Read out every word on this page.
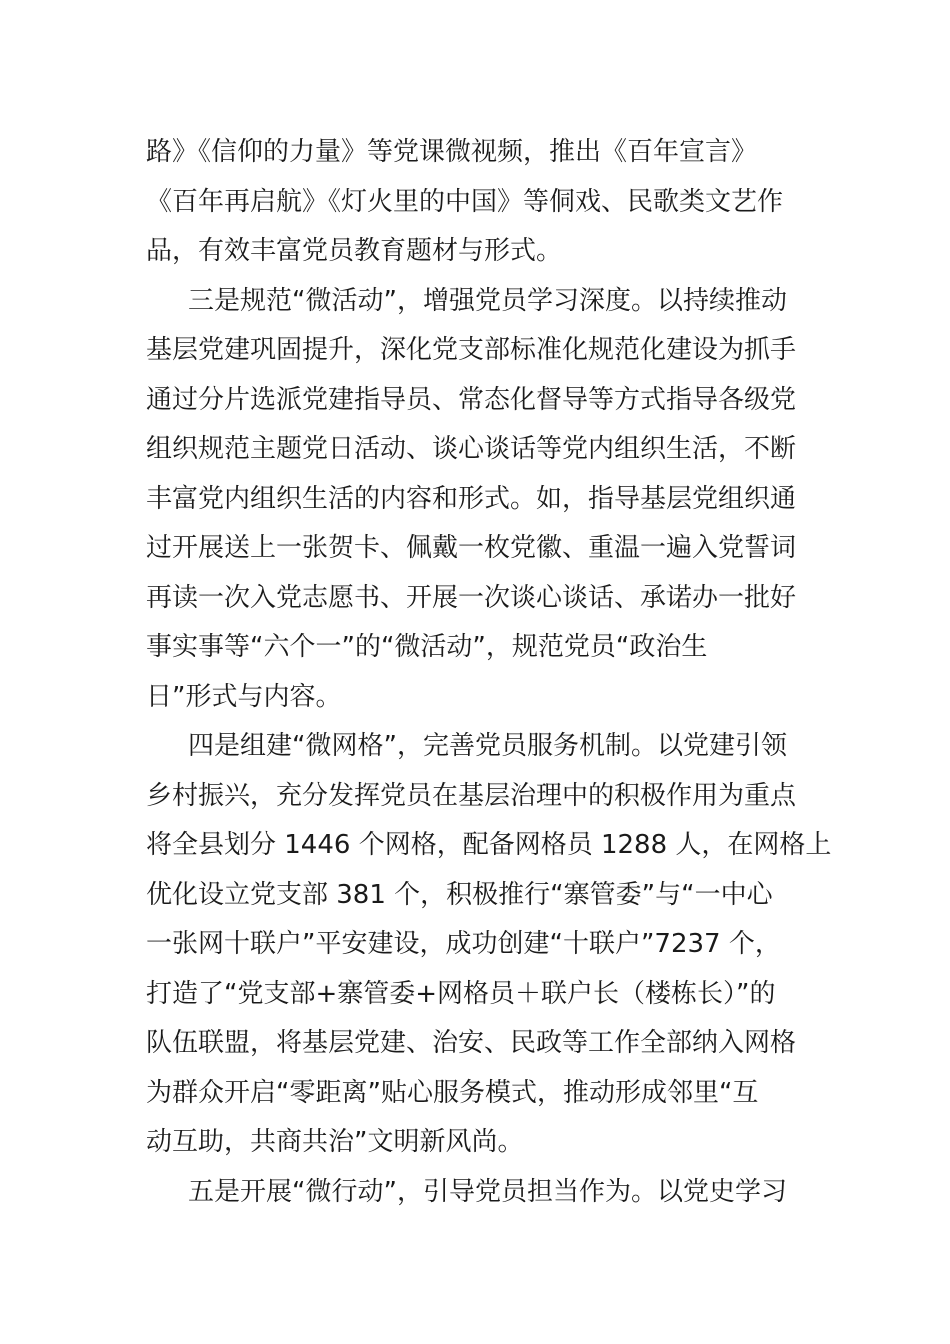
路》《信仰的力量》等党课微视频，推出《百年宣言》
《百年再启航》《灯火里的中国》等侗戏、民歌类文艺作
品，有效丰富党员教育题材与形式。
三是规范“微活动”，增强党员学习深度。以持续推动
基层党建巩固提升，深化党支部标准化规范化建设为抓手
通过分片选派党建指导员、常态化督导等方式指导各级党
组织规范主题党日活动、谈心谈话等党内组织生活，不断
丰富党内组织生活的内容和形式。如，指导基层党组织通
过开展送上一张贺卡、佩戴一枚党徽、重温一遍入党誓词
再读一次入党志愿书、开展一次谈心谈话、承诺办一批好
事实事等“六个一”的“微活动”，规范党员“政治生
日”形式与内容。
四是组建“微网格”，完善党员服务机制。以党建引领
乡村振兴，充分发挥党员在基层治理中的积极作用为重点
将全县划分 1446 个网格，配备网格员 1288 人，在网格上
优化设立党支部 381 个，积极推行“寨管委”与“一中心
一张网十联户”平安建设，成功创建“十联户”7237 个，
打造了“党支部+寨管委+网格员＋联户长（楼栋长）”的
队伍联盟，将基层党建、治安、民政等工作全部纳入网格
为群众开启“零距离”贴心服务模式，推动形成邻里“互
动互助，共商共治”文明新风尚。
五是开展“微行动”，引导党员担当作为。以党史学习
